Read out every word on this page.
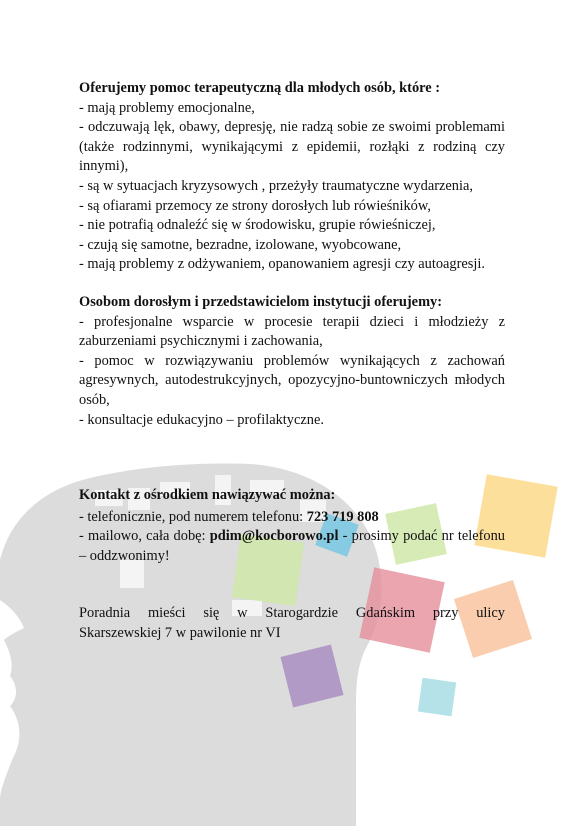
Oferujemy pomoc terapeutyczną dla młodych osób, które :
- mają problemy emocjonalne,
- odczuwają lęk, obawy, depresję, nie radzą sobie ze swoimi problemami (także rodzinnymi, wynikającymi z epidemii, rozłąki z rodziną czy innymi),
- są w sytuacjach kryzysowych , przeżyły traumatyczne wydarzenia,
- są ofiarami przemocy ze strony dorosłych lub rówieśników,
- nie potrafią odnaleźć się w środowisku, grupie rówieśniczej,
- czują się samotne, bezradne, izolowane, wyobcowane,
- mają problemy z odżywaniem, opanowaniem agresji czy autoagresji.
Osobom dorosłym i przedstawicielom instytucji oferujemy:
- profesjonalne wsparcie w procesie terapii dzieci i młodzieży z zaburzeniami psychicznymi i zachowania,
- pomoc w rozwiązywaniu problemów wynikających z zachowań agresywnych, autodestrukcyjnych, opozycyjno-buntowniczych młodych osób,
- konsultacje edukacyjno – profilaktyczne.
Kontakt z ośrodkiem nawiązywać można:
- telefonicznie, pod numerem telefonu: 723 719 808
- mailowo, cała dobę: pdim@kocborowo.pl - prosimy podać nr telefonu – oddzwonimy!
Poradnia mieści się w Starogardzie Gdańskim przy ulicy
Skarszewskiej 7 w pawilonie nr VI
